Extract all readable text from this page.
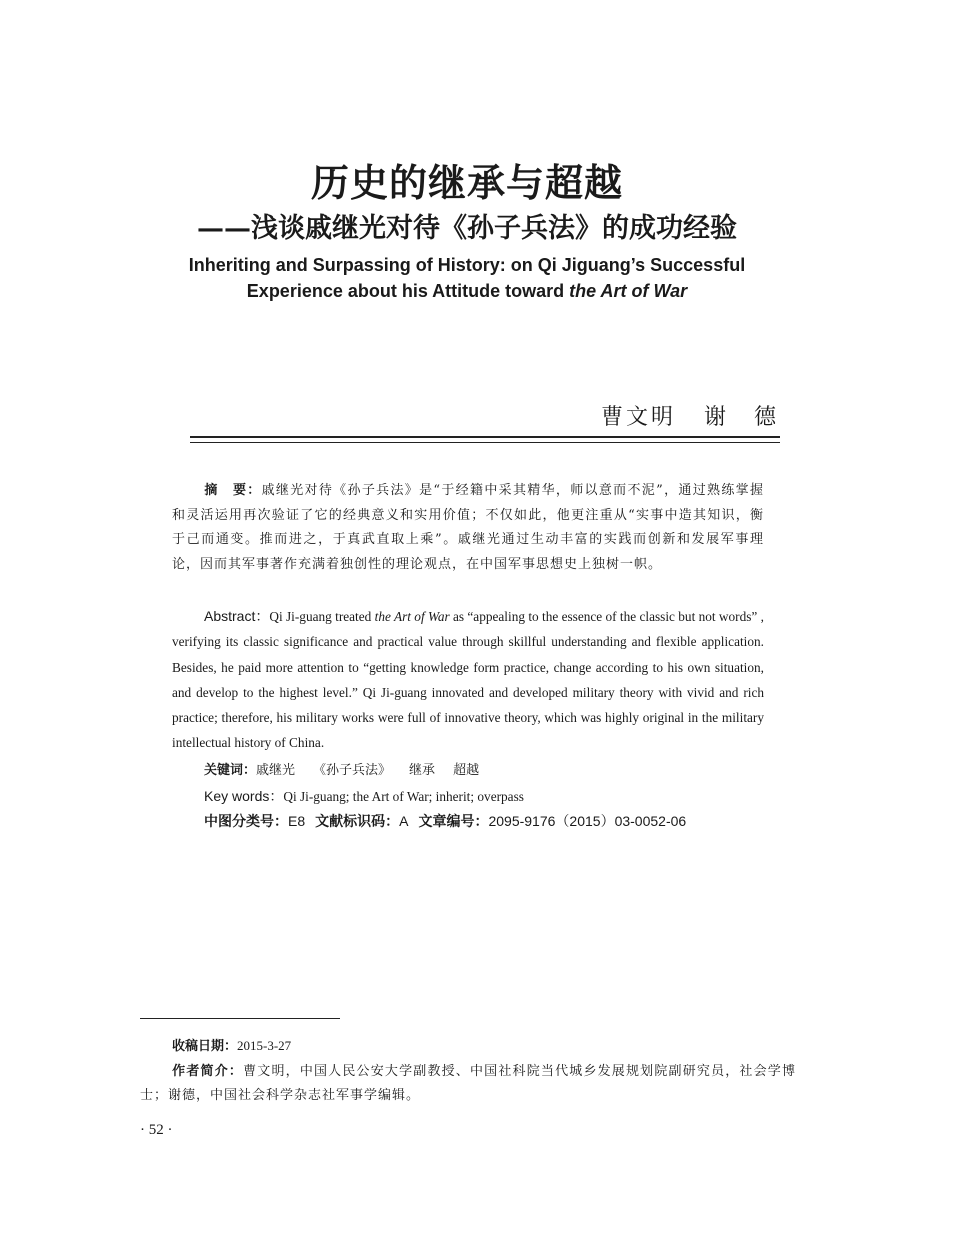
历史的继承与超越
——浅谈戚继光对待《孙子兵法》的成功经验
Inheriting and Surpassing of History: on Qi Jiguang’s Successful
Experience about his Attitude toward the Art of War
曹文明 谢　德
摘　要：戚继光对待《孙子兵法》是“于经籍中采其精华，师以意而不泥”，通过熟练掌握和灵活运用再次验证了它的经典意义和实用价值；不仅如此，他更注重从“实事中造其知识，衡于己而通变。推而进之，于真武直取上乘”。戚继光通过生动丰富的实践而创新和发展军事理论，因而其军事著作充满着独创性的理论观点，在中国军事思想史上独树一帜。
Abstract：Qi Ji-guang treated the Art of War as “appealing to the essence of the classic but not words” , verifying its classic significance and practical value through skillful understanding and flexible application. Besides, he paid more attention to “getting knowledge form practice, change according to his own situation, and develop to the highest level.” Qi Ji-guang innovated and developed military theory with vivid and rich practice; therefore, his military works were full of innovative theory, which was highly original in the military intellectual history of China.
关键词：戚继光 《孙子兵法》 继承 超越
Key words：Qi Ji-guang; the Art of War; inherit; overpass
中图分类号：E8 文献标识码：A 文章编号：2095-9176（2015）03-0052-06
收稿日期：2015-3-27
作者简介：曹文明，中国人民公安大学副教授、中国社科院当代城乡发展规划院副研究员，社会学博士；谢德，中国社会科学杂志社军事学编辑。
· 52 ·
